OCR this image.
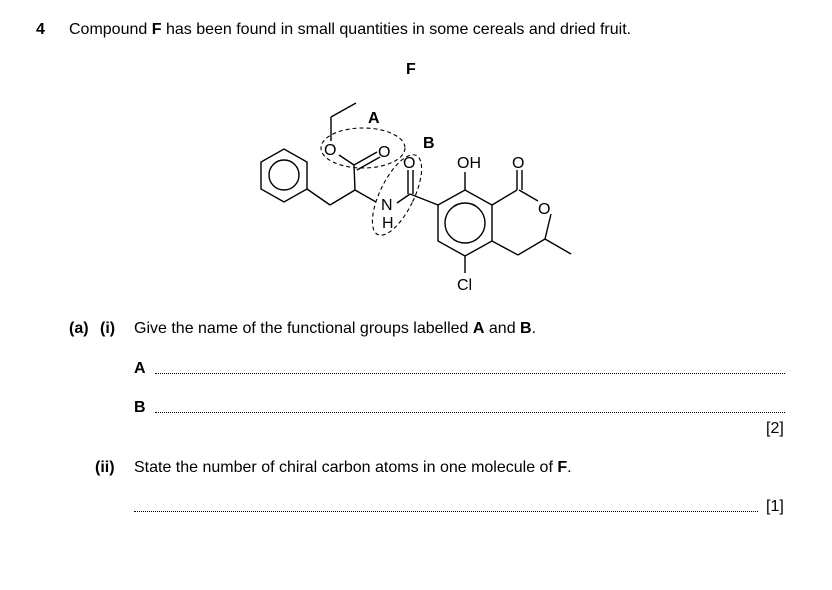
4 Compound F has been found in small quantities in some cereals and dried fruit.
F
A
B
O	O
O
N
H
OH O
O
Cl
(a) (i) Give the name of the functional groups labelled A and B.
A
B
[2]
(ii) State the number of chiral carbon atoms in one molecule of F.
[1]
